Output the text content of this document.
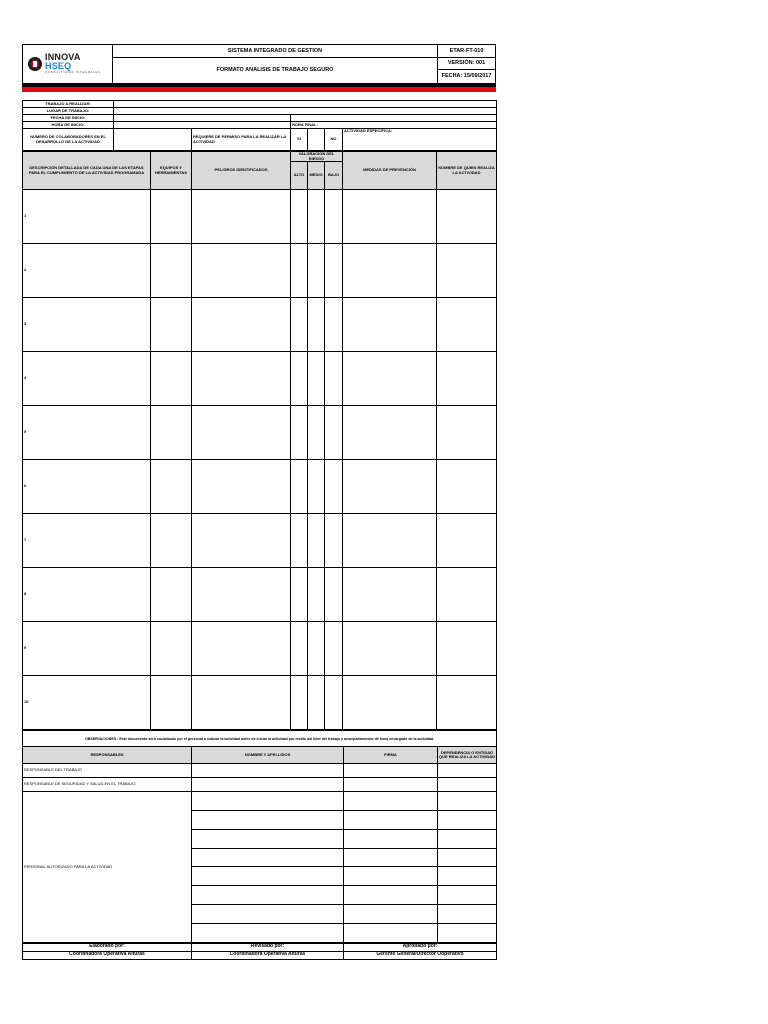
INNOVA HSEQ
CONSULTORES INTEGRALES	SISTEMA INTEGRADO DE GESTION	ETAR-FT-010
	FORMATO ANALISIS DE TRABAJO SEGURO	VERSIÓN: 001
		FECHA: 15/09/2017
TRABAJO A REALIZAR:						
LUGAR DE TRABAJO:						
FECHA DE INICIO:						
HORA DE INICIO:			HORA FINAL:			
NUMERO DE COLABORADORES EN EL DESARROLLO DE LA ACTIVIDAD		REQUIERE DE PERMISO PARA LA REALIZAR LA ACTIVIDAD	SI		NO	ACTIVIDAD ESPECIFICA:
DESCRIPCIÓN DETALLADA DE CADA UNA DE LAS ETAPAS PARA EL CUMPLIMIENTO DE LA ACTIVIDAD PROGRAMADA	EQUIPOS Y HERRAMIENTAS	PELIGROS IDENTIFICADOS	VALORACION DEL RIESGO			MEDIDAS DE PREVENCIÓN	NOMBRE DE QUIEN REALIZA LA ACTIVIDAD
			ALTO	MEDIO	BAJO		
1							
2							
3							
4							
5							
6							
7							
8							
9							
10							
OBSERVACIONES : Este documento será socializado por el personal a realizar la actividad antes de iniciar la actividad por medio del líder del trabajo y acompañamiento de hseq encargado de la actividad.			
RESPONSABLES	NOMBRE Y APELLIDOS	FIRMA	DEPENDENCIA O ENTIDAD QUE REALIZA LA ACTIVIDAD
RESPONSABLE DEL TRABAJO			
RESPONSABLE DE SEGURIDAD Y SALUD EN EL TRABAJO			
PERSONAL AUTORIZADO PARA LA ACTIVIDAD			

Elaborado por:	Revisado por:	Aprobado por:
Coordinadora Operativa Alturas	Coordinadora Operativa Alturas	Gerente General/Director Ooperativo
